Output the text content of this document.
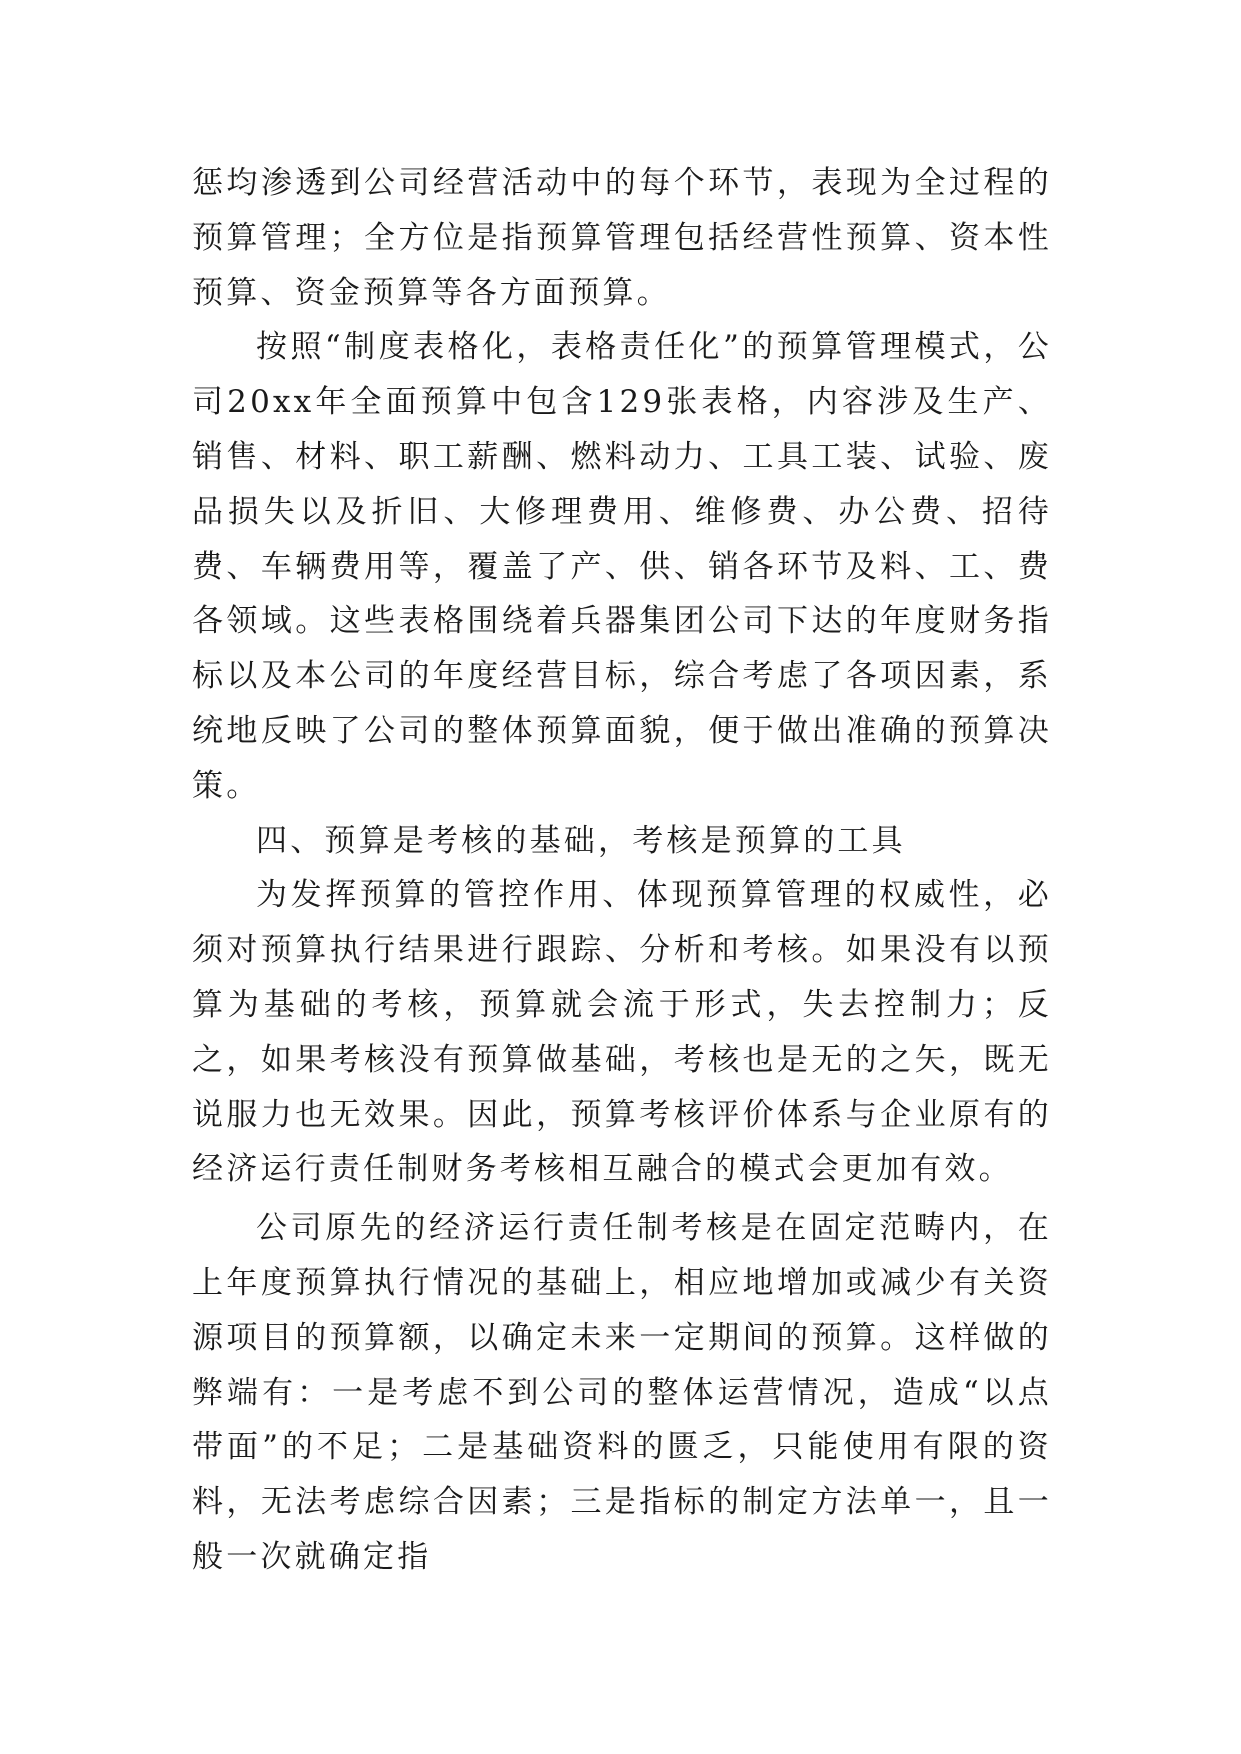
惩均渗透到公司经营活动中的每个环节，表现为全过程的预算管理；全方位是指预算管理包括经营性预算、资本性预算、资金预算等各方面预算。

按照“制度表格化，表格责任化”的预算管理模式，公司20xx年全面预算中包含129张表格，内容涉及生产、销售、材料、职工薪酬、燃料动力、工具工装、试验、废品损失以及折旧、大修理费用、维修费、办公费、招待费、车辆费用等，覆盖了产、供、销各环节及料、工、费各领域。这些表格围绕着兵器集团公司下达的年度财务指标以及本公司的年度经营目标，综合考虑了各项因素，系统地反映了公司的整体预算面貌，便于做出准确的预算决策。

四、预算是考核的基础，考核是预算的工具

为发挥预算的管控作用、体现预算管理的权威性，必须对预算执行结果进行跟踪、分析和考核。如果没有以预算为基础的考核，预算就会流于形式，失去控制力；反之，如果考核没有预算做基础，考核也是无的之矢，既无说服力也无效果。因此，预算考核评价体系与企业原有的经济运行责任制财务考核相互融合的模式会更加有效。

公司原先的经济运行责任制考核是在固定范畴内，在上年度预算执行情况的基础上，相应地增加或减少有关资源项目的预算额，以确定未来一定期间的预算。这样做的弊端有：一是考虑不到公司的整体运营情况，造成“以点带面”的不足；二是基础资料的匮乏，只能使用有限的资料，无法考虑综合因素；三是指标的制定方法单一，且一般一次就确定指
